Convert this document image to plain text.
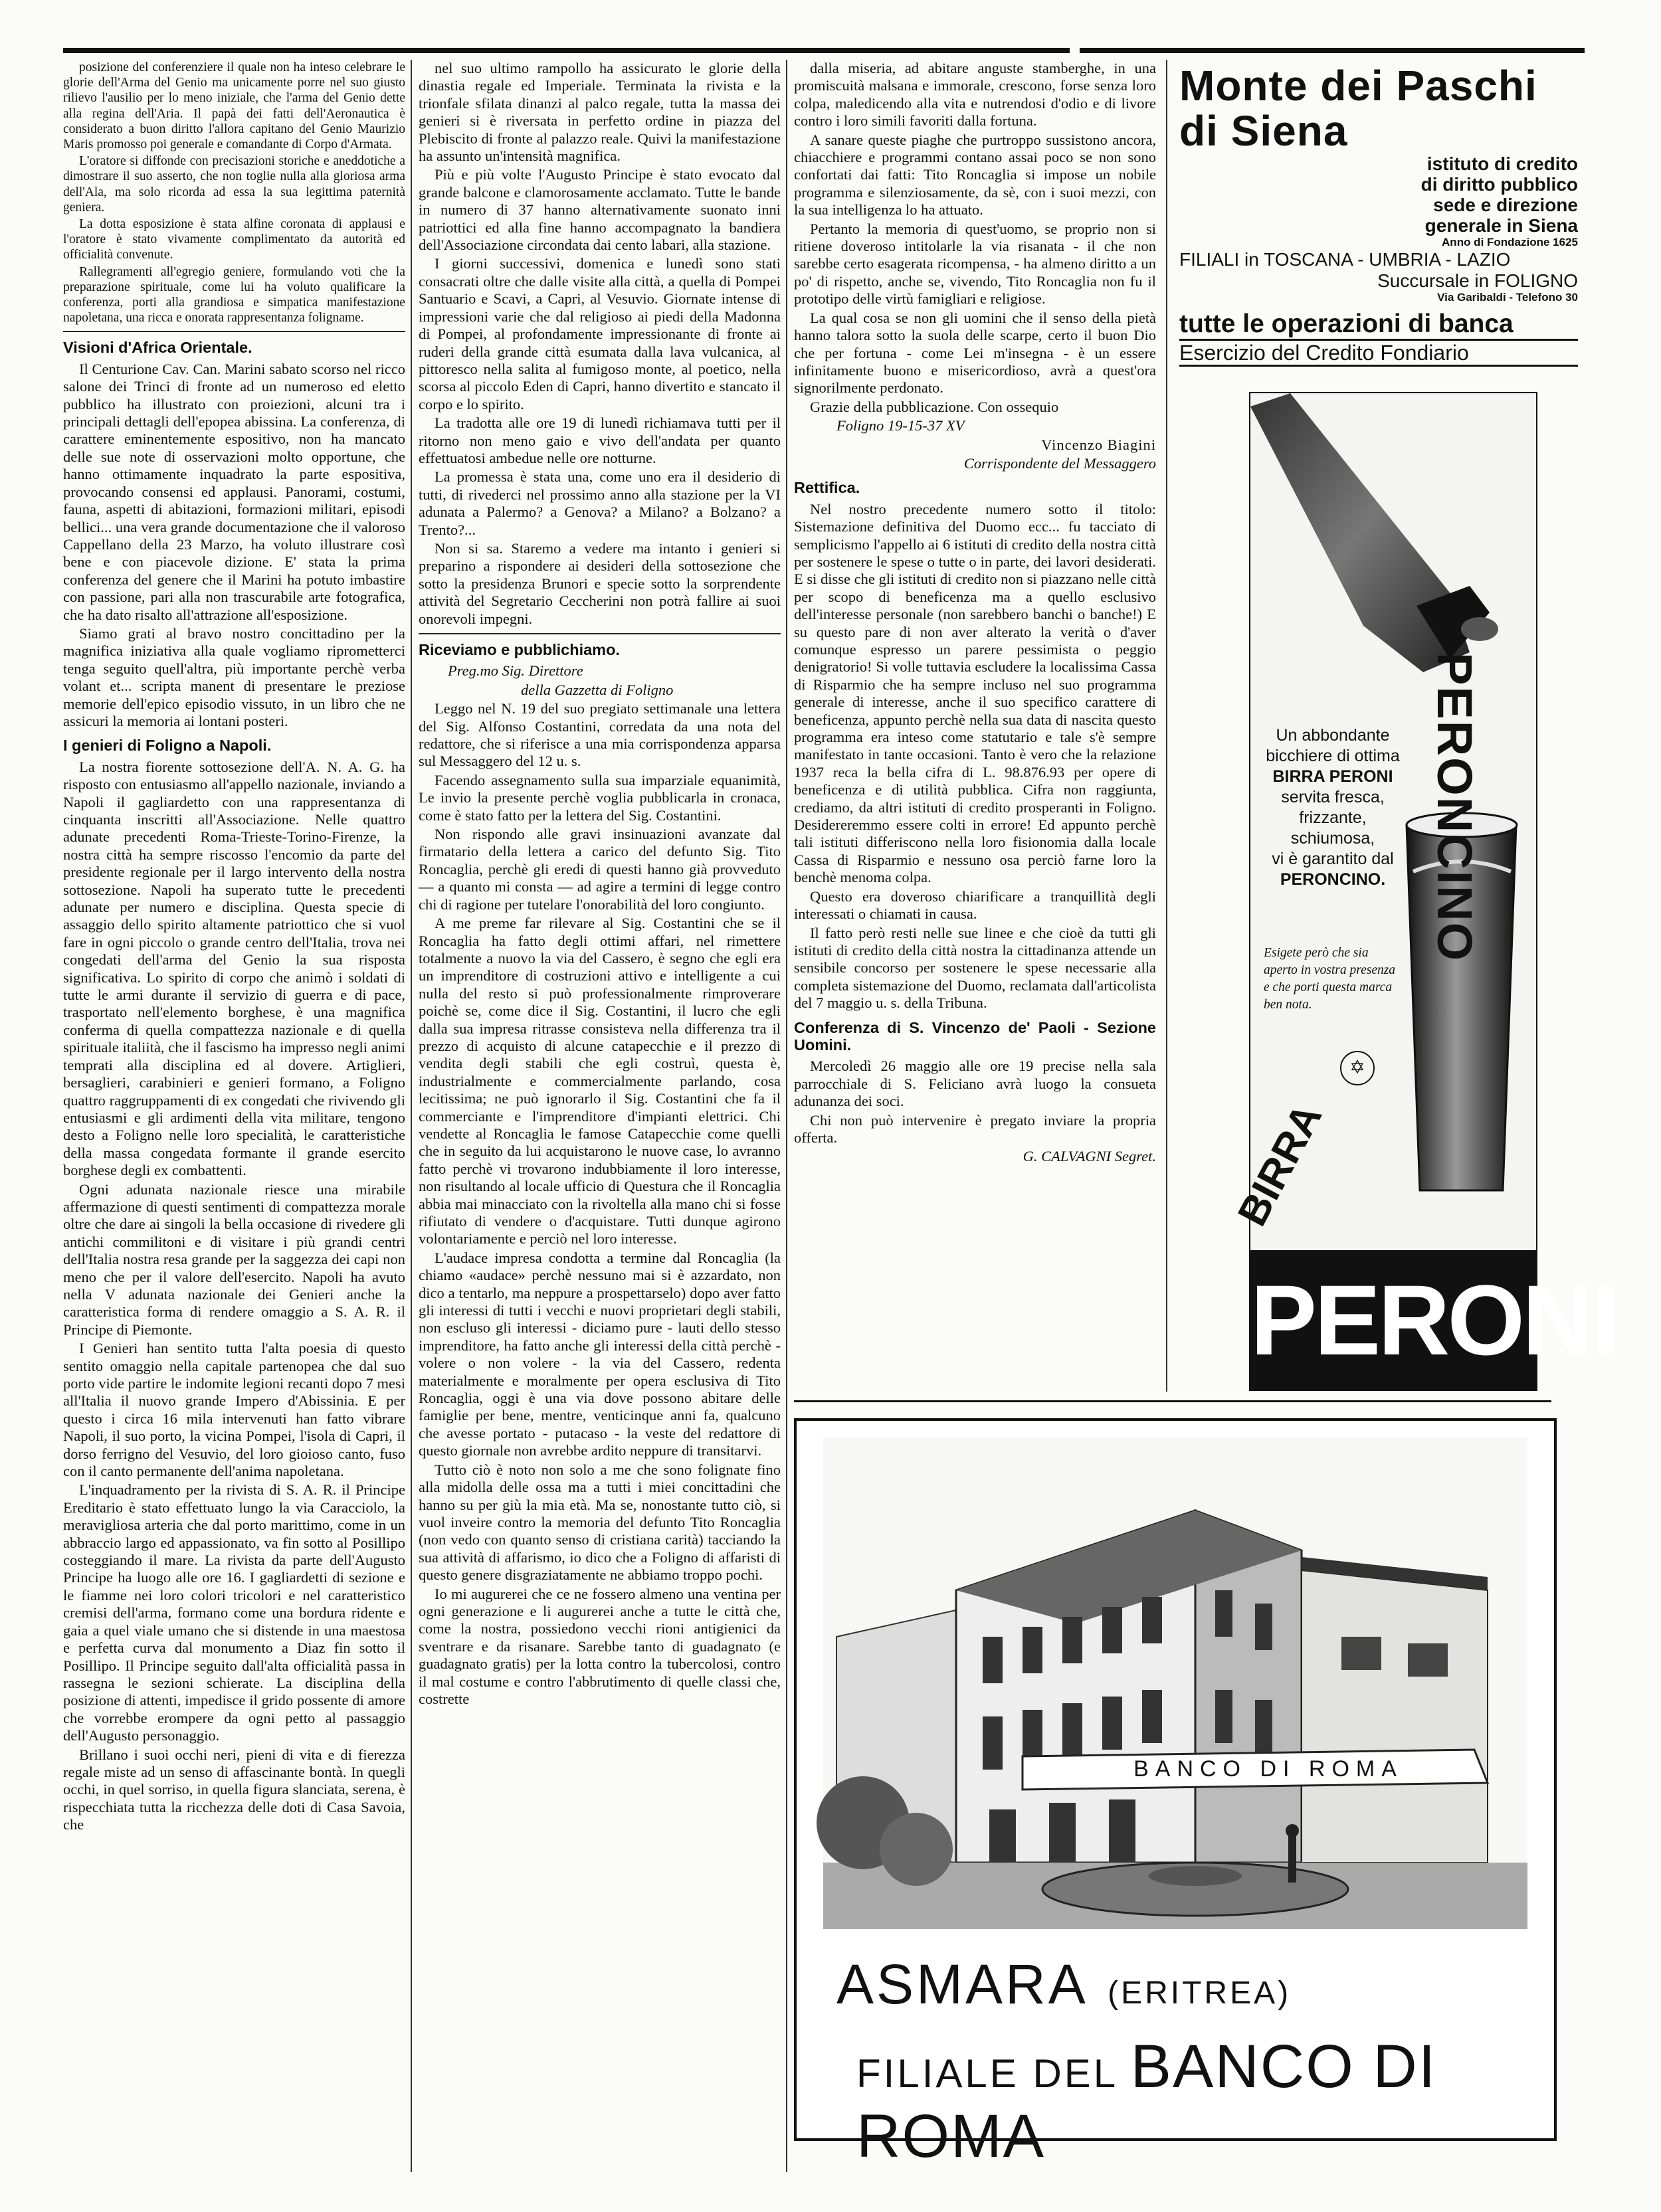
posizione del conferenziere il quale non ha inteso celebrare le glorie dell'Arma del Genio ma unicamente porre nel suo giusto rilievo l'ausilio per lo meno iniziale, che l'arma del Genio dette alla regina dell'Aria. Il papà dei fatti dell'Aeronautica è considerato a buon diritto l'allora capitano del Genio Maurizio Maris promosso poi generale e comandante di Corpo d'Armata.

L'oratore si diffonde con precisazioni storiche e aneddotiche a dimostrare il suo asserto, che non toglie nulla alla gloriosa arma dell'Ala, ma solo ricorda ad essa la sua legittima paternità geniera.

La dotta esposizione è stata alfine coronata di applausi e l'oratore è stato vivamente complimentato da autorità ed officialità convenute.

Rallegramenti all'egregio geniere, formulando voti che la preparazione spirituale, come lui ha voluto qualificare la conferenza, porti alla grandiosa e simpatica manifestazione napoletana, una ricca e onorata rappresentanza foligname.

Visioni d'Africa Orientale.

Il Centurione Cav. Can. Marini sabato scorso nel ricco salone dei Trinci di fronte ad un numeroso ed eletto pubblico ha illustrato con proiezioni, alcuni tra i principali dettagli dell'epopea abissina. La conferenza, di carattere eminentemente espositivo, non ha mancato delle sue note di osservazioni molto opportune, che hanno ottimamente inquadrato la parte espositiva, provocando consensi ed applausi. Panorami, costumi, fauna, aspetti di abitazioni, formazioni militari, episodi bellici... una vera grande documentazione che il valoroso Cappellano della 23 Marzo, ha voluto illustrare così bene e con piacevole dizione. E' stata la prima conferenza del genere che il Marini ha potuto imbastire con passione, pari alla non trascurabile arte fotografica, che ha dato risalto all'attrazione all'esposizione.

Siamo grati al bravo nostro concittadino per la magnifica iniziativa alla quale vogliamo riprometterci tenga seguito quell'altra, più importante perchè verba volant et... scripta manent di presentare le preziose memorie dell'epico episodio vissuto, in un libro che ne assicuri la memoria ai lontani posteri.

I genieri di Foligno a Napoli.

La nostra fiorente sottosezione dell'A. N. A. G. ha risposto con entusiasmo all'appello nazionale, inviando a Napoli il gagliardetto con una rappresentanza di cinquanta inscritti all'Associazione. Nelle quattro adunate precedenti Roma-Trieste-Torino-Firenze, la nostra città ha sempre riscosso l'encomio da parte del presidente regionale per il largo intervento della nostra sottosezione. Napoli ha superato tutte le precedenti adunate per numero e disciplina. Questa specie di assaggio dello spirito altamente patriottico che si vuol fare in ogni piccolo o grande centro dell'Italia, trova nei congedati dell'arma del Genio la sua risposta significativa. Lo spirito di corpo che animò i soldati di tutte le armi durante il servizio di guerra e di pace, trasportato nell'elemento borghese, è una magnifica conferma di quella compattezza nazionale e di quella spirituale italiità, che il fascismo ha impresso negli animi temprati alla disciplina ed al dovere. Artiglieri, bersaglieri, carabinieri e genieri formano, a Foligno quattro raggruppamenti di ex congedati che rivivendo gli entusiasmi e gli ardimenti della vita militare, tengono desto a Foligno nelle loro specialità, le caratteristiche della massa congedata formante il grande esercito borghese degli ex combattenti.

Ogni adunata nazionale riesce una mirabile affermazione di questi sentimenti di compattezza morale oltre che dare ai singoli la bella occasione di rivedere gli antichi commilitoni e di visitare i più grandi centri dell'Italia nostra resa grande per la saggezza dei capi non meno che per il valore dell'esercito. Napoli ha avuto nella V adunata nazionale dei Genieri anche la caratteristica forma di rendere omaggio a S. A. R. il Principe di Piemonte.

I Genieri han sentito tutta l'alta poesia di questo sentito omaggio nella capitale partenopea che dal suo porto vide partire le indomite legioni recanti dopo 7 mesi all'Italia il nuovo grande Impero d'Abissinia. E per questo i circa 16 mila intervenuti han fatto vibrare Napoli, il suo porto, la vicina Pompei, l'isola di Capri, il dorso ferrigno del Vesuvio, del loro gioioso canto, fuso con il canto permanente dell'anima napoletana.

L'inquadramento per la rivista di S. A. R. il Principe Ereditario è stato effettuato lungo la via Caracciolo, la meravigliosa arteria che dal porto marittimo, come in un abbraccio largo ed appassionato, va fin sotto al Posillipo costeggiando il mare. La rivista da parte dell'Augusto Principe ha luogo alle ore 16. I gagliardetti di sezione e le fiamme nei loro colori tricolori e nel caratteristico cremisi dell'arma, formano come una bordura ridente e gaia a quel viale umano che si distende in una maestosa e perfetta curva dal monumento a Diaz fin sotto il Posillipo. Il Principe seguito dall'alta officialità passa in rassegna le sezioni schierate. La disciplina della posizione di attenti, impedisce il grido possente di amore che vorrebbe erompere da ogni petto al passaggio dell'Augusto personaggio.

Brillano i suoi occhi neri, pieni di vita e di fierezza regale miste ad un senso di affascinante bontà. In quegli occhi, in quel sorriso, in quella figura slanciata, serena, è rispecchiata tutta la ricchezza delle doti di Casa Savoia, che

nel suo ultimo rampollo ha assicurato le glorie della dinastia regale ed Imperiale. Terminata la rivista e la trionfale sfilata dinanzi al palco regale, tutta la massa dei genieri si è riversata in perfetto ordine in piazza del Plebiscito di fronte al palazzo reale. Quivi la manifestazione ha assunto un'intensità magnifica.

Più e più volte l'Augusto Principe è stato evocato dal grande balcone e clamorosamente acclamato. Tutte le bande in numero di 37 hanno alternativamente suonato inni patriottici ed alla fine hanno accompagnato la bandiera dell'Associazione circondata dai cento labari, alla stazione.

I giorni successivi, domenica e lunedì sono stati consacrati oltre che dalle visite alla città, a quella di Pompei Santuario e Scavi, a Capri, al Vesuvio. Giornate intense di impressioni varie che dal religioso ai piedi della Madonna di Pompei, al profondamente impressionante di fronte ai ruderi della grande città esumata dalla lava vulcanica, al pittoresco nella salita al fumigoso monte, al poetico, nella scorsa al piccolo Eden di Capri, hanno divertito e stancato il corpo e lo spirito.

La tradotta alle ore 19 di lunedì richiamava tutti per il ritorno non meno gaio e vivo dell'andata per quanto effettuatosi ambedue nelle ore notturne.

La promessa è stata una, come uno era il desiderio di tutti, di rivederci nel prossimo anno alla stazione per la VI adunata a Palermo? a Genova? a Milano? a Bolzano? a Trento?...

Non si sa. Staremo a vedere ma intanto i genieri si preparino a rispondere ai desideri della sottosezione che sotto la presidenza Brunori e specie sotto la sorprendente attività del Segretario Ceccherini non potrà fallire ai suoi onorevoli impegni.

Riceviamo e pubblichiamo.

Preg.mo Sig. Direttore

della Gazzetta di Foligno

Leggo nel N. 19 del suo pregiato settimanale una lettera del Sig. Alfonso Costantini, corredata da una nota del redattore, che si riferisce a una mia corrispondenza apparsa sul Messaggero del 12 u. s.

Facendo assegnamento sulla sua imparziale equanimità, Le invio la presente perchè voglia pubblicarla in cronaca, come è stato fatto per la lettera del Sig. Costantini.

Non rispondo alle gravi insinuazioni avanzate dal firmatario della lettera a carico del defunto Sig. Tito Roncaglia, perchè gli eredi di questi hanno già provveduto — a quanto mi consta — ad agire a termini di legge contro chi di ragione per tutelare l'onorabilità del loro congiunto.

A me preme far rilevare al Sig. Costantini che se il Roncaglia ha fatto degli ottimi affari, nel rimettere totalmente a nuovo la via del Cassero, è segno che egli era un imprenditore di costruzioni attivo e intelligente a cui nulla del resto si può professionalmente rimproverare poichè se, come dice il Sig. Costantini, il lucro che egli dalla sua impresa ritrasse consisteva nella differenza tra il prezzo di acquisto di alcune catapecchie e il prezzo di vendita degli stabili che egli costruì, questa è, industrialmente e commercialmente parlando, cosa lecitissima; ne può ignorarlo il Sig. Costantini che fa il commerciante e l'imprenditore d'impianti elettrici. Chi vendette al Roncaglia le famose Catapecchie come quelli che in seguito da lui acquistarono le nuove case, lo avranno fatto perchè vi trovarono indubbiamente il loro interesse, non risultando al locale ufficio di Questura che il Roncaglia abbia mai minacciato con la rivoltella alla mano chi si fosse rifiutato di vendere o d'acquistare. Tutti dunque agirono volontariamente e perciò nel loro interesse.

L'audace impresa condotta a termine dal Roncaglia (la chiamo «audace» perchè nessuno mai si è azzardato, non dico a tentarlo, ma neppure a prospettarselo) dopo aver fatto gli interessi di tutti i vecchi e nuovi proprietari degli stabili, non escluso gli interessi - diciamo pure - lauti dello stesso imprenditore, ha fatto anche gli interessi della città perchè - volere o non volere - la via del Cassero, redenta materialmente e moralmente per opera esclusiva di Tito Roncaglia, oggi è una via dove possono abitare delle famiglie per bene, mentre, venticinque anni fa, qualcuno che avesse portato - putacaso - la veste del redattore di questo giornale non avrebbe ardito neppure di transitarvi.

Tutto ciò è noto non solo a me che sono folignate fino alla midolla delle ossa ma a tutti i miei concittadini che hanno su per giù la mia età. Ma se, nonostante tutto ciò, si vuol inveire contro la memoria del defunto Tito Roncaglia (non vedo con quanto senso di cristiana carità) tacciando la sua attività di affarismo, io dico che a Foligno di affaristi di questo genere disgraziatamente ne abbiamo troppo pochi.

Io mi augurerei che ce ne fossero almeno una ventina per ogni generazione e li augurerei anche a tutte le città che, come la nostra, possiedono vecchi rioni antigienici da sventrare e da risanare. Sarebbe tanto di guadagnato (e guadagnato gratis) per la lotta contro la tubercolosi, contro il mal costume e contro l'abbrutimento di quelle classi che, costrette

dalla miseria, ad abitare anguste stamberghe, in una promiscuità malsana e immorale, crescono, forse senza loro colpa, maledicendo alla vita e nutrendosi d'odio e di livore contro i loro simili favoriti dalla fortuna.

A sanare queste piaghe che purtroppo sussistono ancora, chiacchiere e programmi contano assai poco se non sono confortati dai fatti: Tito Roncaglia si impose un nobile programma e silenziosamente, da sè, con i suoi mezzi, con la sua intelligenza lo ha attuato.

Pertanto la memoria di quest'uomo, se proprio non si ritiene doveroso intitolarle la via risanata - il che non sarebbe certo esagerata ricompensa, - ha almeno diritto a un po' di rispetto, anche se, vivendo, Tito Roncaglia non fu il prototipo delle virtù famigliari e religiose.

La qual cosa se non gli uomini che il senso della pietà hanno talora sotto la suola delle scarpe, certo il buon Dio che per fortuna - come Lei m'insegna - è un essere infinitamente buono e misericordioso, avrà a quest'ora signorilmente perdonato.

Grazie della pubblicazione. Con ossequio

Foligno 19-15-37 XV

Vincenzo Biagini

Corrispondente del Messaggero

Rettifica.

Nel nostro precedente numero sotto il titolo: Sistemazione definitiva del Duomo ecc... fu tacciato di semplicismo l'appello ai 6 istituti di credito della nostra città per sostenere le spese o tutte o in parte, dei lavori desiderati. E si disse che gli istituti di credito non si piazzano nelle città per scopo di beneficenza ma a quello esclusivo dell'interesse personale (non sarebbero banchi o banche!) E su questo pare di non aver alterato la verità o d'aver comunque espresso un parere pessimista o peggio denigratorio! Si volle tuttavia escludere la localissima Cassa di Risparmio che ha sempre incluso nel suo programma generale di interesse, anche il suo specifico carattere di beneficenza, appunto perchè nella sua data di nascita questo programma era inteso come statutario e tale s'è sempre manifestato in tante occasioni. Tanto è vero che la relazione 1937 reca la bella cifra di L. 98.876.93 per opere di beneficenza e di utilità pubblica. Cifra non raggiunta, crediamo, da altri istituti di credito prosperanti in Foligno. Desidereremmo essere colti in errore! Ed appunto perchè tali istituti differiscono nella loro fisionomia dalla locale Cassa di Risparmio e nessuno osa perciò farne loro la benchè menoma colpa.

Questo era doveroso chiarificare a tranquillità degli interessati o chiamati in causa.

Il fatto però resti nelle sue linee e che cioè da tutti gli istituti di credito della città nostra la cittadinanza attende un sensibile concorso per sostenere le spese necessarie alla completa sistemazione del Duomo, reclamata dall'articolista del 7 maggio u. s. della Tribuna.

Conferenza di S. Vincenzo de' Paoli - Sezione Uomini.

Mercoledì 26 maggio alle ore 19 precise nella sala parrocchiale di S. Feliciano avrà luogo la consueta adunanza dei soci.

Chi non può intervenire è pregato inviare la propria offerta.

G. CALVAGNI Segret.

Monte dei Paschi
di Siena
istituto di credito
di diritto pubblico
sede e direzione
generale in Siena
Anno di Fondazione 1625
FILIALI in TOSCANA - UMBRIA - LAZIO
Succursale in FOLIGNO
Via Garibaldi - Telefono 30
tutte le operazioni di banca
Esercizio del Credito Fondiario
PERONCINO
Un abbondante
bicchiere di ottima
BIRRA PERONI
servita fresca, frizzante, schiumosa,
vi è garantito dal
PERONCINO.
Esigete però che sia aperto in vostra presenza e che porti questa marca ben nota.
✡
BIRRA
PERONI
BANCO DI ROMA
ASMARA (ERITREA)
FILIALE DEL BANCO DI ROMA
